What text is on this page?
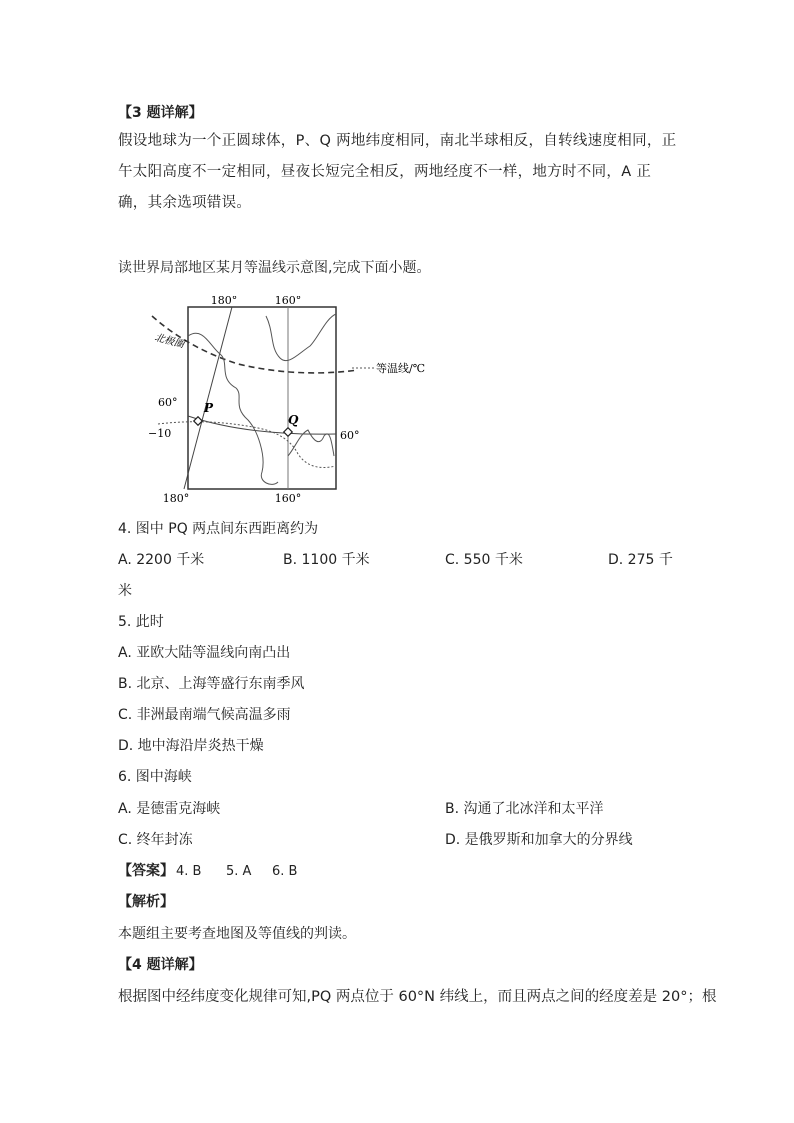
【3 题详解】
假设地球为一个正圆球体，P、Q 两地纬度相同，南北半球相反，自转线速度相同，正午太阳高度不一定相同，昼夜长短完全相反，两地经度不一样，地方时不同，A 正确，其余选项错误。
读世界局部地区某月等温线示意图,完成下面小题。
180°	160°
180°	160°
60°
−10	60°
北极圈
P
Q
等温线/℃
4. 图中 PQ 两点间东西距离约为
A. 2200 千米	B. 1100 千米	C. 550 千米	D. 275 千
米
5. 此时
A. 亚欧大陆等温线向南凸出
B. 北京、上海等盛行东南季风
C. 非洲最南端气候高温多雨
D. 地中海沿岸炎热干燥
6. 图中海峡
A. 是德雷克海峡	B. 沟通了北冰洋和太平洋
C. 终年封冻	D. 是俄罗斯和加拿大的分界线
【答案】 4. B 5. A 6. B
【解析】
本题组主要考查地图及等值线的判读。
【4 题详解】
根据图中经纬度变化规律可知,PQ 两点位于 60°N 纬线上，而且两点之间的经度差是 20°；根
